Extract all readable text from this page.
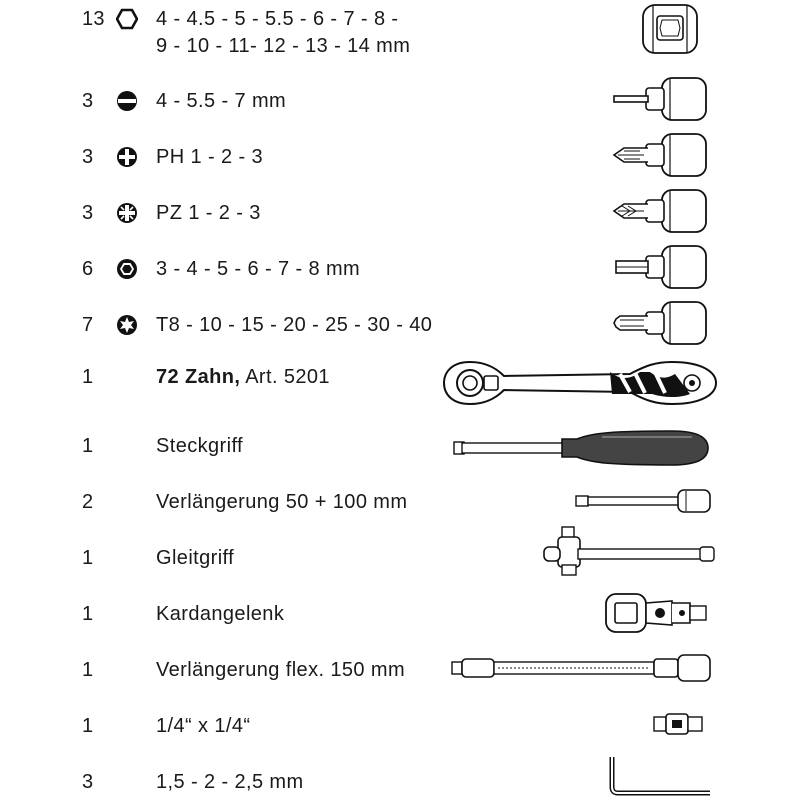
13	4 - 4.5 - 5 - 5.5 - 6 - 7 - 8 -
9 - 10 - 11- 12 - 13 - 14 mm
3	4 - 5.5 - 7 mm
3	PH 1 - 2 - 3
3	PZ 1 - 2 - 3
6	3 - 4 - 5 - 6 - 7 - 8 mm
7	T8 - 10 - 15 - 20 - 25 - 30 - 40
1	72 Zahn, Art. 5201
1	Steckgriff
2	Verlängerung 50 + 100 mm
1	Gleitgriff
1	Kardangelenk
1	Verlängerung flex. 150 mm
1	1/4“ x 1/4“
3	1,5 - 2 - 2,5 mm
